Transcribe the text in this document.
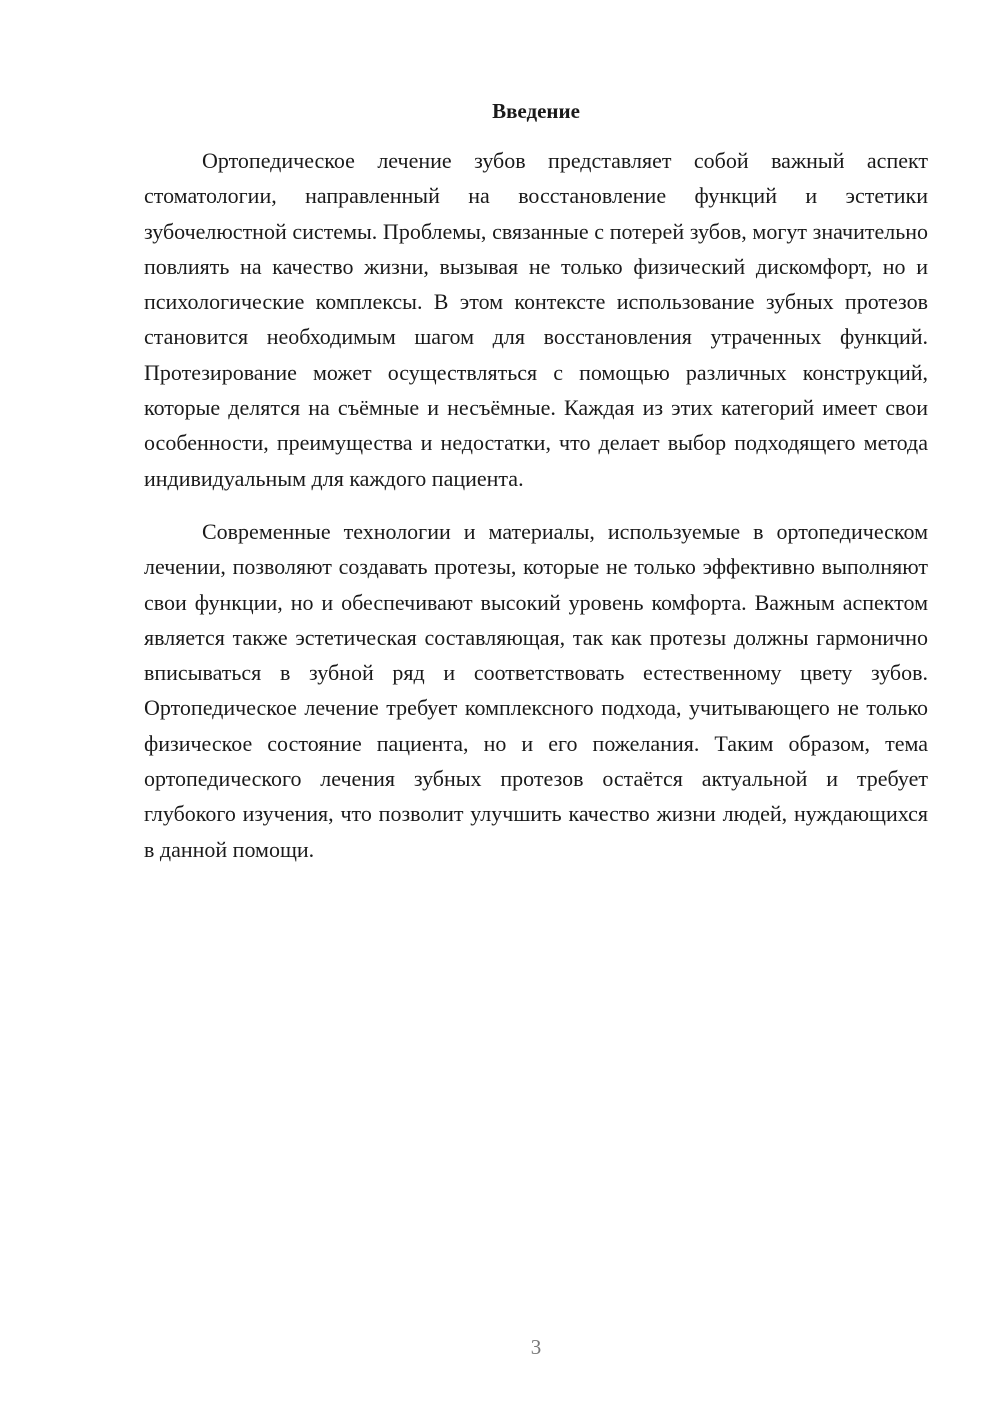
Введение

Ортопедическое лечение зубов представляет собой важный аспект стоматологии, направленный на восстановление функций и эстетики зубочелюстной системы. Проблемы, связанные с потерей зубов, могут значительно повлиять на качество жизни, вызывая не только физический дискомфорт, но и психологические комплексы. В этом контексте использование зубных протезов становится необходимым шагом для восстановления утраченных функций. Протезирование может осуществляться с помощью различных конструкций, которые делятся на съёмные и несъёмные. Каждая из этих категорий имеет свои особенности, преимущества и недостатки, что делает выбор подходящего метода индивидуальным для каждого пациента.

Современные технологии и материалы, используемые в ортопедическом лечении, позволяют создавать протезы, которые не только эффективно выполняют свои функции, но и обеспечивают высокий уровень комфорта. Важным аспектом является также эстетическая составляющая, так как протезы должны гармонично вписываться в зубной ряд и соответствовать естественному цвету зубов. Ортопедическое лечение требует комплексного подхода, учитывающего не только физическое состояние пациента, но и его пожелания. Таким образом, тема ортопедического лечения зубных протезов остаётся актуальной и требует глубокого изучения, что позволит улучшить качество жизни людей, нуждающихся в данной помощи.

3
